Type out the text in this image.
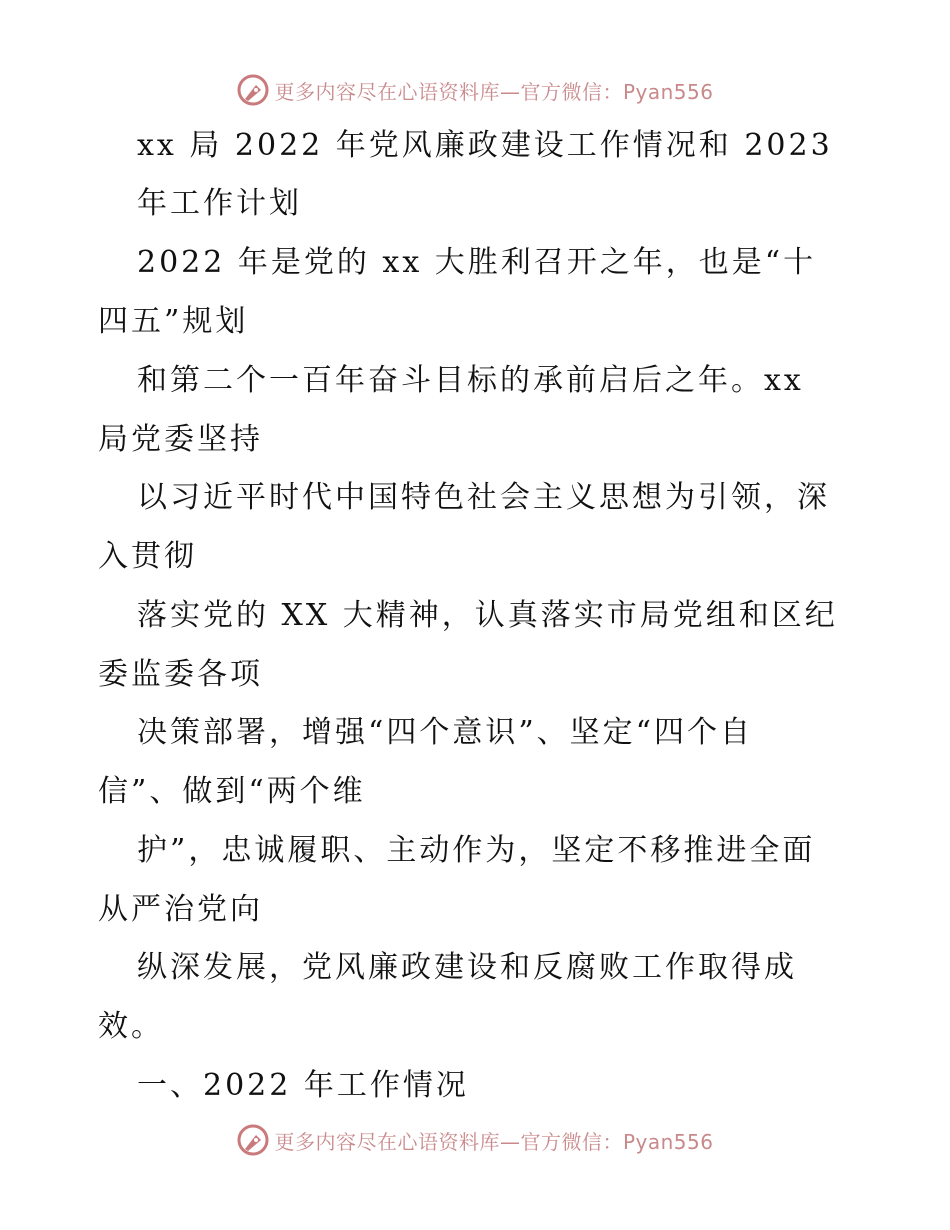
更多内容尽在心语资料库—官方微信：Pyan556
xx 局 2022 年党风廉政建设工作情况和 2023
年工作计划
2022 年是党的 xx 大胜利召开之年，也是“十
四五”规划
和第二个一百年奋斗目标的承前启后之年。xx
局党委坚持
以习近平时代中国特色社会主义思想为引领，深
入贯彻
落实党的 XX 大精神，认真落实市局党组和区纪
委监委各项
决策部署，增强“四个意识”、坚定“四个自
信”、做到“两个维
护”，忠诚履职、主动作为，坚定不移推进全面
从严治党向
纵深发展，党风廉政建设和反腐败工作取得成
效。
一、2022 年工作情况
更多内容尽在心语资料库—官方微信：Pyan556
